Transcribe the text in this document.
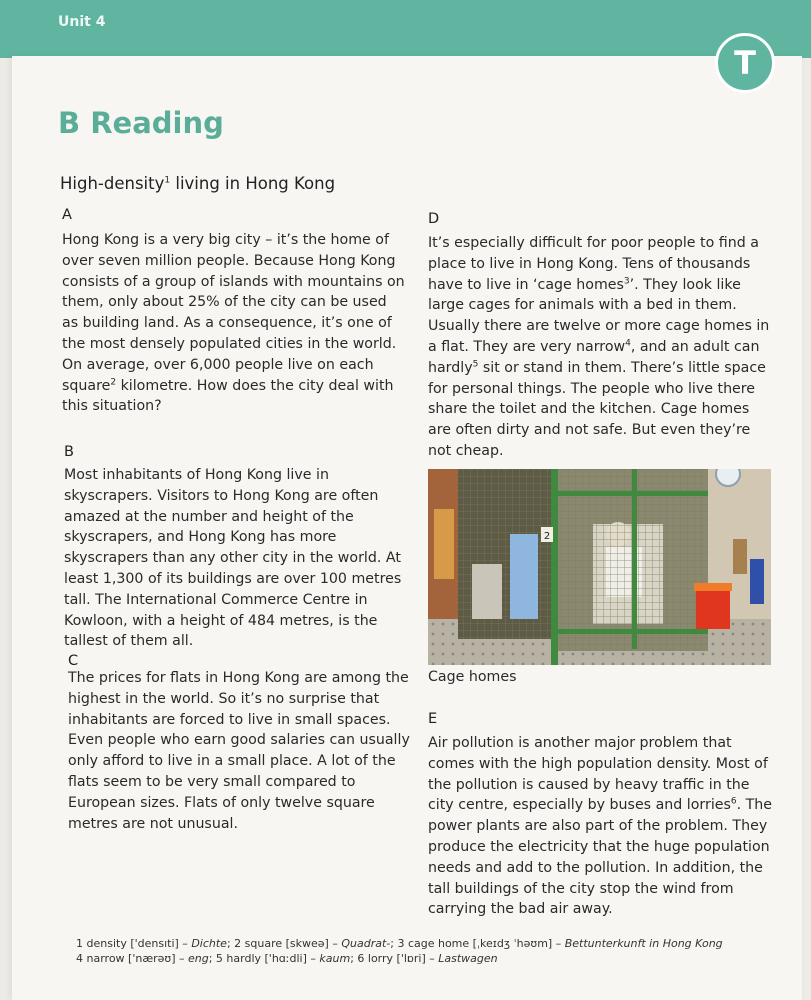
Unit 4
T
B Reading
High-density$^1$ living in Hong Kong
A

Hong Kong is a very big city – it’s the home of over seven million people. Because Hong Kong consists of a group of islands with mountains on them, only about 25% of the city can be used as building land. As a consequence, it’s one of the most densely populated cities in the world. On average, over 6,000 people live on each square$^2$ kilometre. How does the city deal with this situation?

B

Most inhabitants of Hong Kong live in skyscrapers. Visitors to Hong Kong are often amazed at the number and height of the skyscrapers, and Hong Kong has more skyscrapers than any other city in the world. At least 1,300 of its buildings are over 100 metres tall. The International Commerce Centre in Kowloon, with a height of 484 metres, is the tallest of them all.

C

The prices for flats in Hong Kong are among the highest in the world. So it’s no surprise that inhabitants are forced to live in small spaces. Even people who earn good salaries can usually only afford to live in a small place. A lot of the flats seem to be very small compared to European sizes. Flats of only twelve square metres are not unusual.

D

It’s especially difficult for poor people to find a place to live in Hong Kong. Tens of thousands have to live in ‘cage homes$^3$’. They look like large cages for animals with a bed in them. Usually there are twelve or more cage homes in a flat. They are very narrow$^4$, and an adult can hardly$^5$ sit or stand in them. There’s little space for personal things. The people who live there share the toilet and the kitchen. Cage homes are often dirty and not safe. But even they’re not cheap.

2
Cage homes
E

Air pollution is another major problem that comes with the high population density. Most of the pollution is caused by heavy traffic in the city centre, especially by buses and lorries$^6$. The power plants are also part of the problem. They produce the electricity that the huge population needs and add to the pollution. In addition, the tall buildings of the city stop the wind from carrying the bad air away.

1 density ['densıti] – Dichte; 2 square [skweə] – Quadrat-; 3 cage home [ˌkeɪdʒ ˈhəʊm] – Bettunterkunft in Hong Kong
4 narrow ['nærəʊ] – eng; 5 hardly ['hɑːdli] – kaum; 6 lorry ['lɒri] – Lastwagen
